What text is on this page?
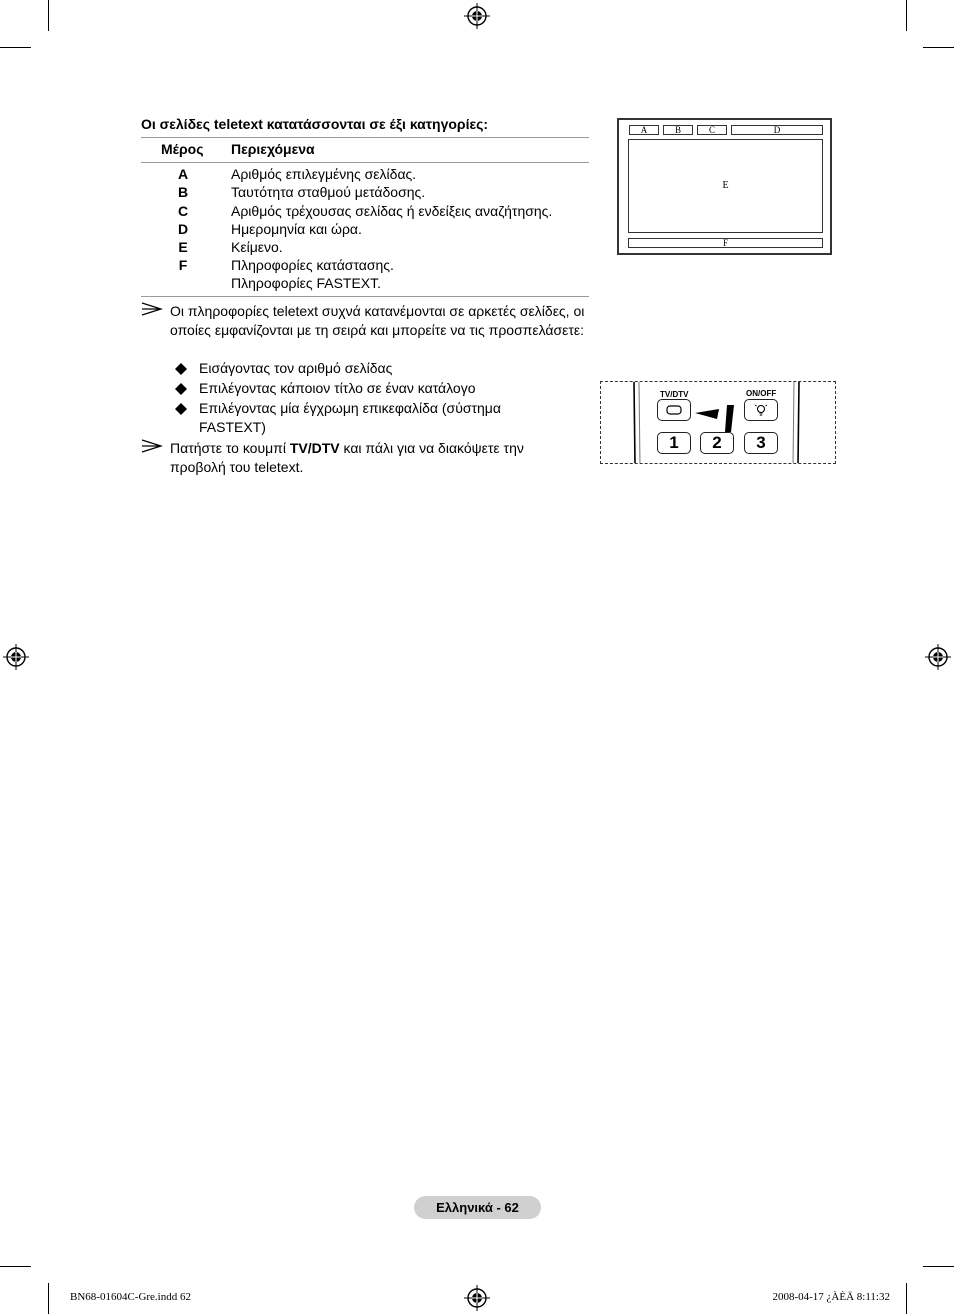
Οι σελίδες teletext κατατάσσονται σε έξι κατηγορίες:
Μέρος Περιεχόμενα
A	Αριθμός επιλεγμένης σελίδας.
B	Ταυτότητα σταθμού μετάδοσης.
C	Αριθμός τρέχουσας σελίδας ή ενδείξεις αναζήτησης.
D	Ημερομηνία και ώρα.
E	Κείμενο.
F	Πληροφορίες κατάστασης.
Πληροφορίες FASTEXT.
Οι πληροφορίες teletext συχνά κατανέμονται σε αρκετές σελίδες, οι οποίες εμφανίζονται με τη σειρά και μπορείτε να τις προσπελάσετε:
Εισάγοντας τον αριθμό σελίδας
Επιλέγοντας κάποιον τίτλο σε έναν κατάλογο
Επιλέγοντας μία έγχρωμη επικεφαλίδα (σύστημα FASTEXT)
Πατήστε το κουμπί TV/DTV και πάλι για να διακόψετε την προβολή του teletext.
A	B	C	D
E
F
TV/DTV	ON/OFF
1	2	3
Ελληνικά - 62
BN68-01604C-Gre.indd 62	2008-04-17 ¿ÀÈÄ 8:11:32
